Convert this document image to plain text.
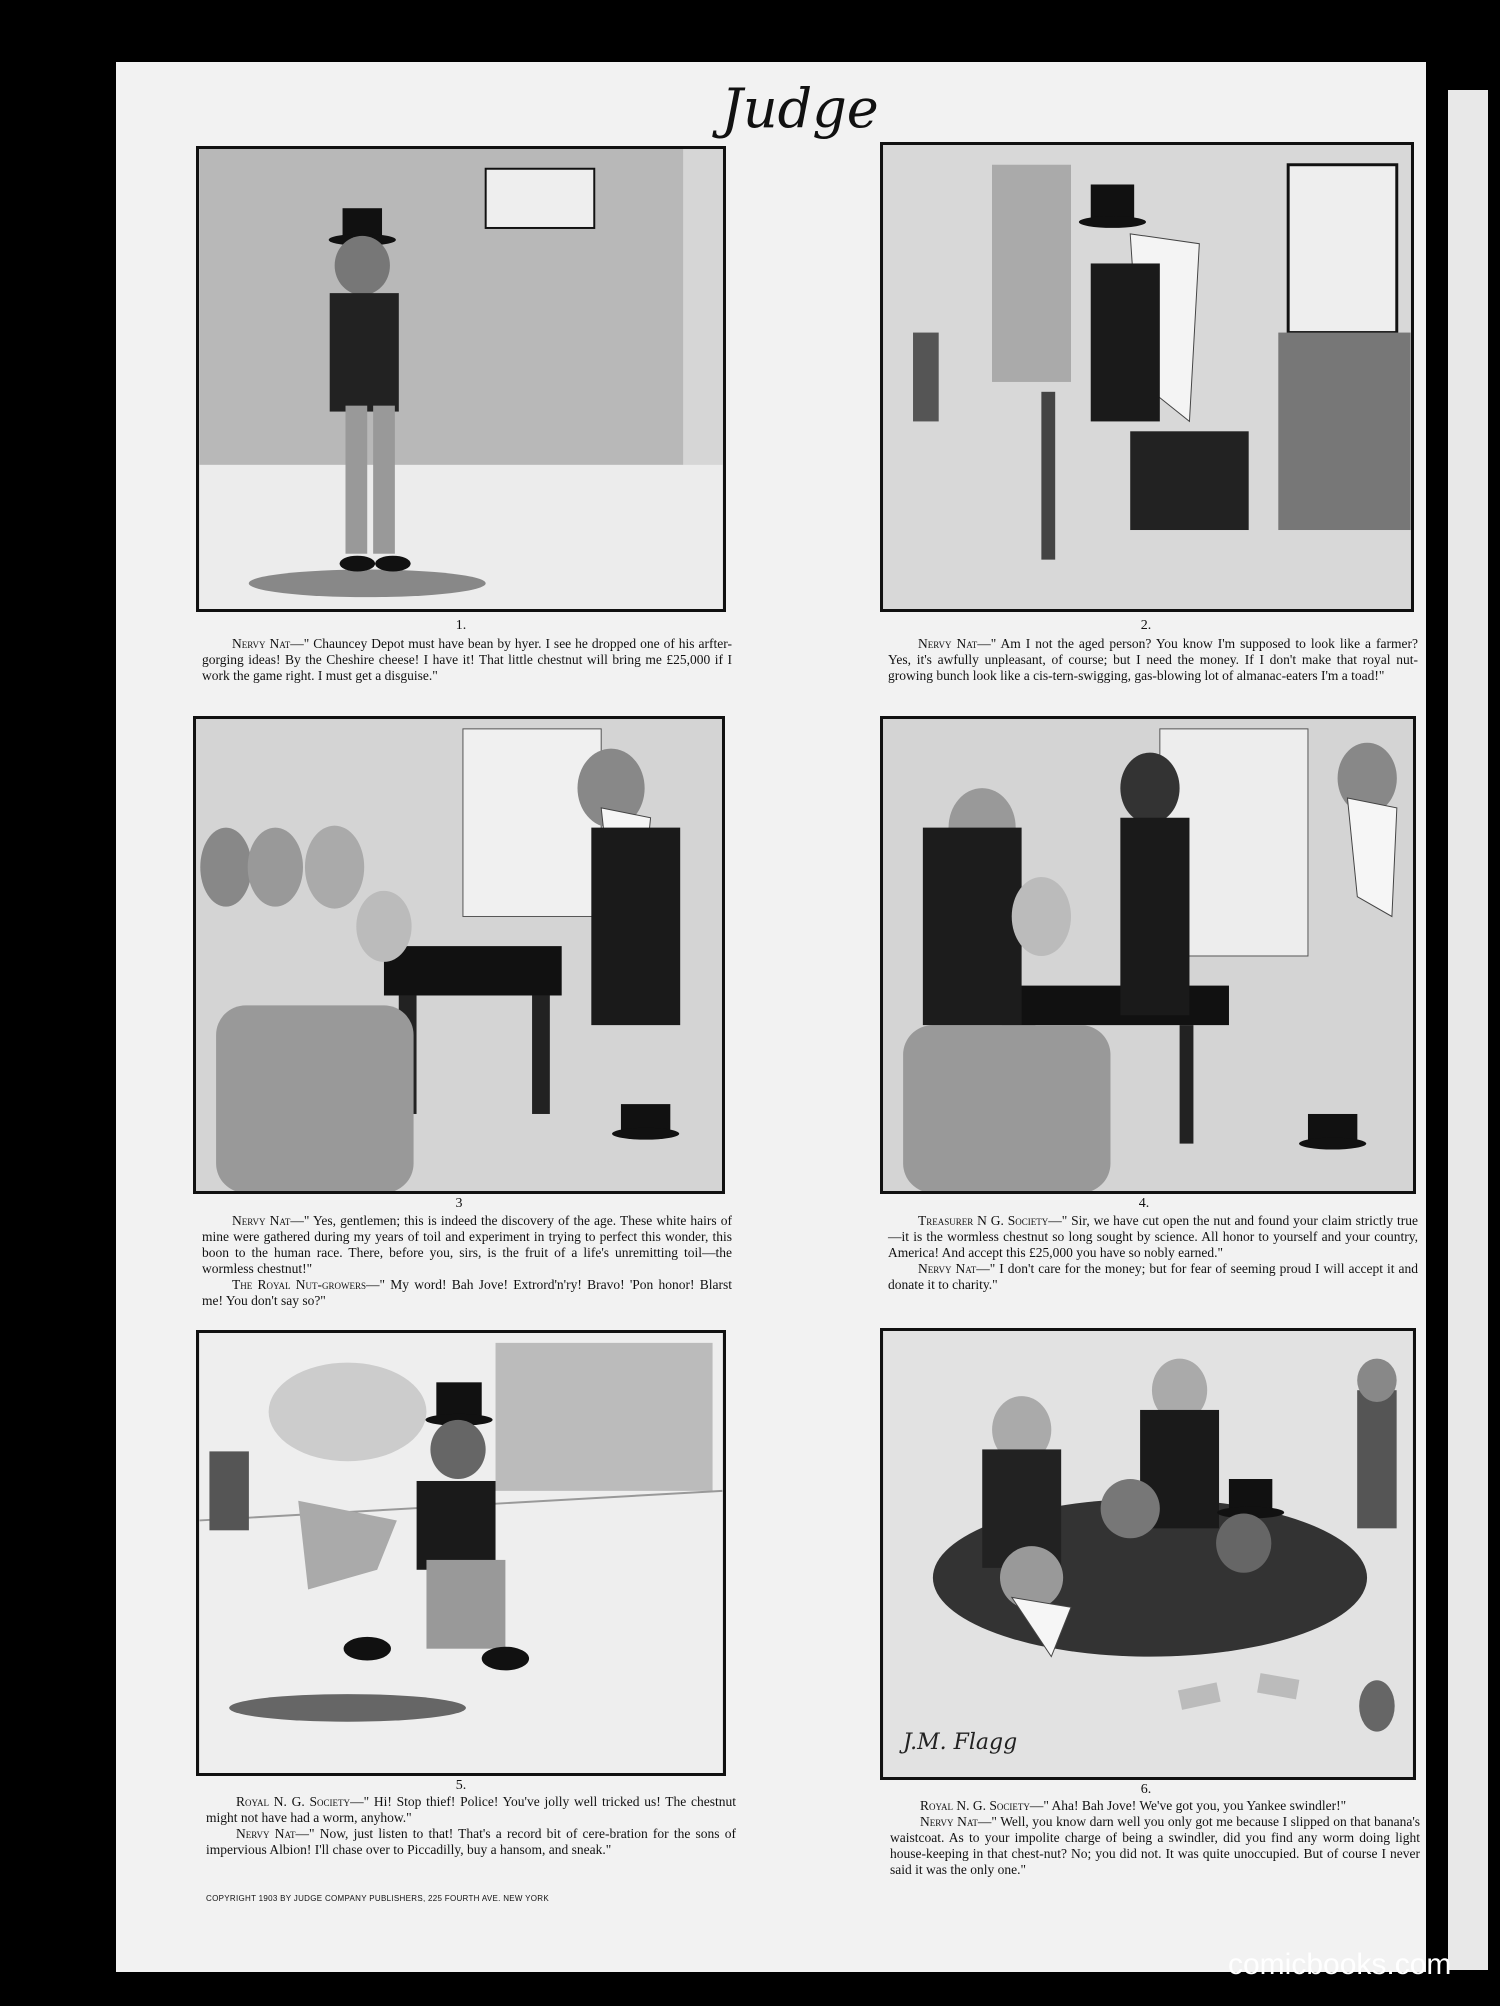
Judge
1.

Nervy Nat—" Chauncey Depot must have bean by hyer. I see he dropped one of his arfter-gorging ideas! By the Cheshire cheese! I have it! That little chestnut will bring me £25,000 if I work the game right. I must get a disguise."

2.

Nervy Nat—" Am I not the aged person? You know I'm supposed to look like a farmer? Yes, it's awfully unpleasant, of course; but I need the money. If I don't make that royal nut-growing bunch look like a cis-tern-swigging, gas-blowing lot of almanac-eaters I'm a toad!"

3

Nervy Nat—" Yes, gentlemen; this is indeed the discovery of the age. These white hairs of mine were gathered during my years of toil and experiment in trying to perfect this wonder, this boon to the human race. There, before you, sirs, is the fruit of a life's unremitting toil—the wormless chestnut!"

The Royal Nut-growers—" My word! Bah Jove! Extrord'n'ry! Bravo! 'Pon honor! Blarst me! You don't say so?"

4.

Treasurer N G. Society—" Sir, we have cut open the nut and found your claim strictly true—it is the wormless chestnut so long sought by science. All honor to yourself and your country, America! And accept this £25,000 you have so nobly earned."

Nervy Nat—" I don't care for the money; but for fear of seeming proud I will accept it and donate it to charity."

5.

Royal N. G. Society—" Hi! Stop thief! Police! You've jolly well tricked us! The chestnut might not have had a worm, anyhow."

Nervy Nat—" Now, just listen to that! That's a record bit of cere-bration for the sons of impervious Albion! I'll chase over to Piccadilly, buy a hansom, and sneak."

J.M. Flagg
6.

Royal N. G. Society—" Aha! Bah Jove! We've got you, you Yankee swindler!"

Nervy Nat—" Well, you know darn well you only got me because I slipped on that banana's waistcoat. As to your impolite charge of being a swindler, did you find any worm doing light house-keeping in that chest-nut? No; you did not. It was quite unoccupied. But of course I never said it was the only one."

COPYRIGHT 1903 BY JUDGE COMPANY PUBLISHERS, 225 FOURTH AVE. NEW YORK
comicbooks.com
